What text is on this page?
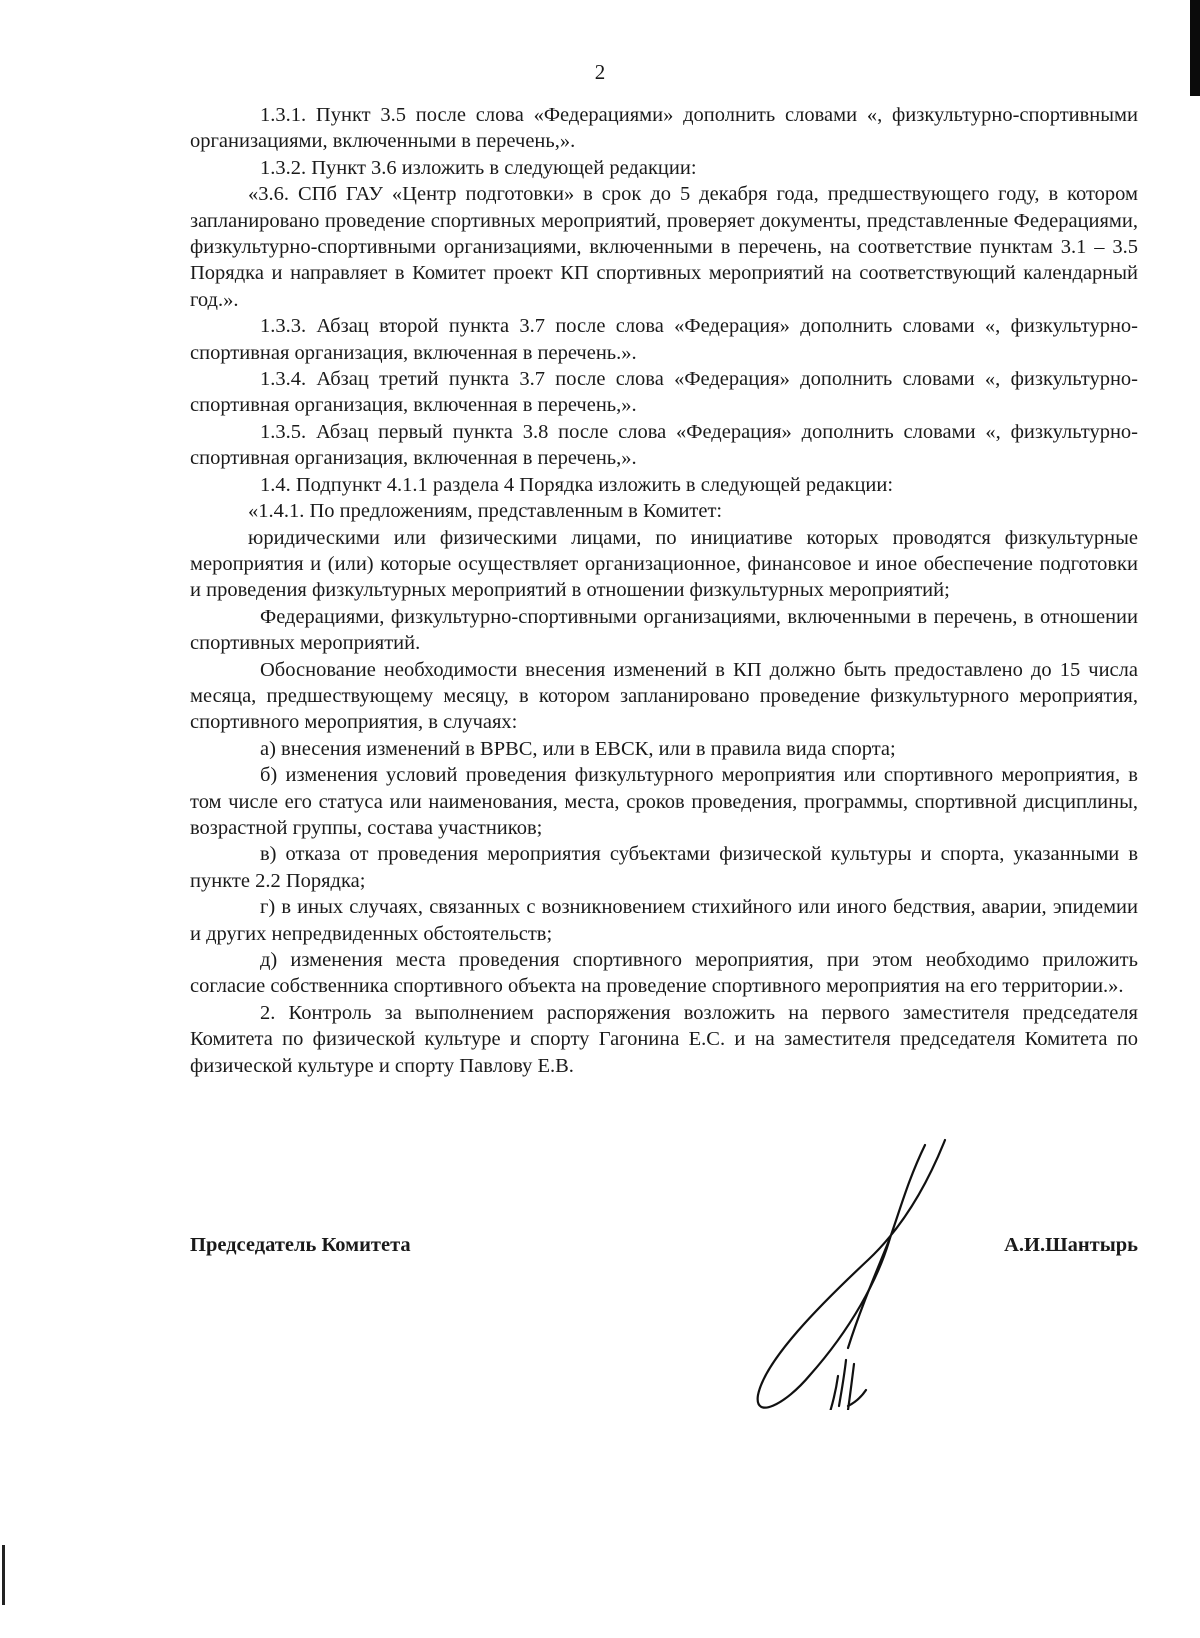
2

1.3.1. Пункт 3.5 после слова «Федерациями» дополнить словами «, физкультурно-спортивными организациями, включенными в перечень,».

1.3.2. Пункт 3.6 изложить в следующей редакции:

«3.6. СПб ГАУ «Центр подготовки» в срок до 5 декабря года, предшествующего году, в котором запланировано проведение спортивных мероприятий, проверяет документы, представленные Федерациями, физкультурно-спортивными организациями, включенными в перечень, на соответствие пунктам 3.1 – 3.5 Порядка и направляет в Комитет проект КП спортивных мероприятий на соответствующий календарный год.».

1.3.3. Абзац второй пункта 3.7 после слова «Федерация» дополнить словами «, физкультурно-спортивная организация, включенная в перечень.».

1.3.4. Абзац третий пункта 3.7 после слова «Федерация» дополнить словами «, физкультурно-спортивная организация, включенная в перечень,».

1.3.5. Абзац первый пункта 3.8 после слова «Федерация» дополнить словами «, физкультурно-спортивная организация, включенная в перечень,».

1.4. Подпункт 4.1.1 раздела 4 Порядка изложить в следующей редакции:

«1.4.1. По предложениям, представленным в Комитет:

юридическими или физическими лицами, по инициативе которых проводятся физкультурные мероприятия и (или) которые осуществляет организационное, финансовое и иное обеспечение подготовки и проведения физкультурных мероприятий в отношении физкультурных мероприятий;

Федерациями, физкультурно-спортивными организациями, включенными в перечень, в отношении спортивных мероприятий.

Обоснование необходимости внесения изменений в КП должно быть предоставлено до 15 числа месяца, предшествующему месяцу, в котором запланировано проведение физкультурного мероприятия, спортивного мероприятия, в случаях:

а) внесения изменений в ВРВС, или в ЕВСК, или в правила вида спорта;

б) изменения условий проведения физкультурного мероприятия или спортивного мероприятия, в том числе его статуса или наименования, места, сроков проведения, программы, спортивной дисциплины, возрастной группы, состава участников;

в) отказа от проведения мероприятия субъектами физической культуры и спорта, указанными в пункте 2.2 Порядка;

г) в иных случаях, связанных с возникновением стихийного или иного бедствия, аварии, эпидемии и других непредвиденных обстоятельств;

д) изменения места проведения спортивного мероприятия, при этом необходимо приложить согласие собственника спортивного объекта на проведение спортивного мероприятия на его территории.».

2. Контроль за выполнением распоряжения возложить на первого заместителя председателя Комитета по физической культуре и спорту Гагонина Е.С. и на заместителя председателя Комитета по физической культуре и спорту Павлову Е.В.

Председатель Комитета	А.И.Шантырь
